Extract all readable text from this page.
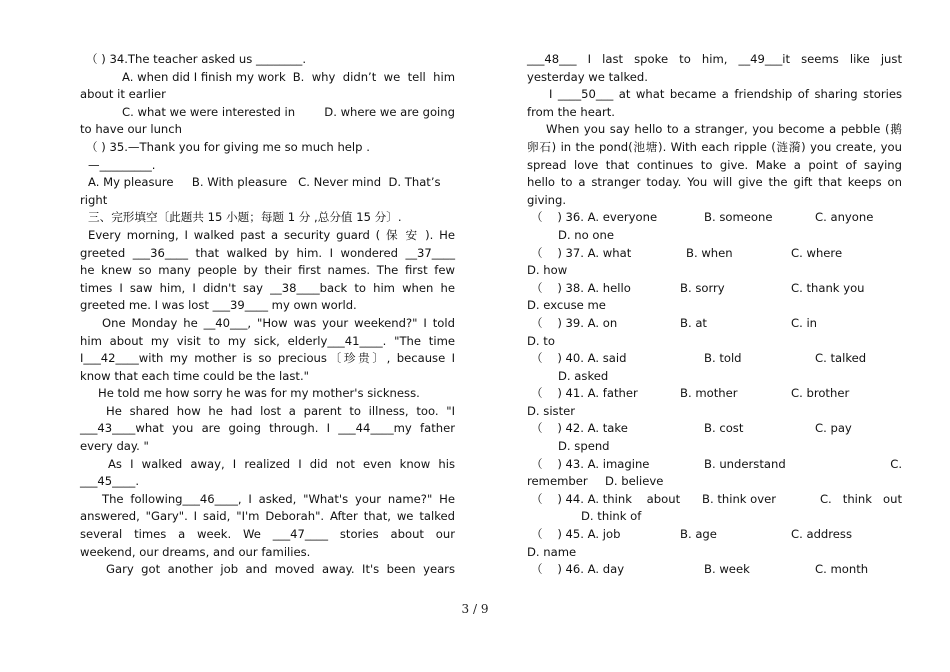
（ ) 34.The teacher asked us ________.

A. when did I finish my work B.  why  didn’t  we  tell  him

about it earlier

C. what we were interested in	D. where we are going

to have our lunch

（ ) 35.—Thank you for giving me so much help .

—_________.

A. My pleasure     B. With pleasure   C. Never mind  D. That’s

right

三、完形填空〔此题共 15 小题；每题 1 分 ,总分值 15 分〕.

Every morning, I walked past a security guard ( 保 安 ). He

greeted ___36____ that walked by him. I wondered __37____

he knew so many people by their first names. The first few

times I saw him, I didn't say __38____back to him when he

greeted me. I was lost ___39____ my own world.

One Monday he __40___, "How was your weekend?" I told

him about my visit to my sick, elderly___41____. "The time

I___42____with my mother is so precious〔珍贵〕, because I

know that each time could be the last."

He told me how sorry he was for my mother's sickness.

He shared how he had lost a parent to illness, too. "I

___43____what you are going through. I ___44____my father

every day. "

As I walked away, I realized I did not even know his

___45____.

The following___46____, I asked, "What's your name?" He

answered, "Gary". I said, "I'm Deborah". After that, we talked

several times a week. We ___47____ stories about our

weekend, our dreams, and our families.

Gary got another job and moved away. It's been years

___48___ I last spoke to him, __49___it seems like just

yesterday we talked.

I ____50___ at what became a friendship of sharing stories

from the heart.

When you say hello to a stranger, you become a pebble (鹅

卵石) in the pond(池塘). With each ripple (涟漪) you create, you

spread love that continues to give. Make a point of saying

hello to a stranger today. You will give the gift that keeps on

giving.

（    ) 36. A. everyone	B. someone	C. anyone
D. no one
（    ) 37. A. what	B. when	C. where
D. how
（    ) 38. A. hello	B. sorry	C. thank you
D. excuse me
（    ) 39. A. on	B. at	C. in
D. to
（    ) 40. A. said	B. told	C. talked
D. asked
（    ) 41. A. father	B. mother	C. brother
D. sister
（    ) 42. A. take	B. cost	C. pay
D. spend
（    ) 43. A. imagine	B. understand	C.
remember D. believe
（    ) 44. A. think    about B. think over	C.   think   out
D. think of
（    ) 45. A. job	B. age	C. address
D. name
（    ) 46. A. day	B. week	C. month
3 / 9
